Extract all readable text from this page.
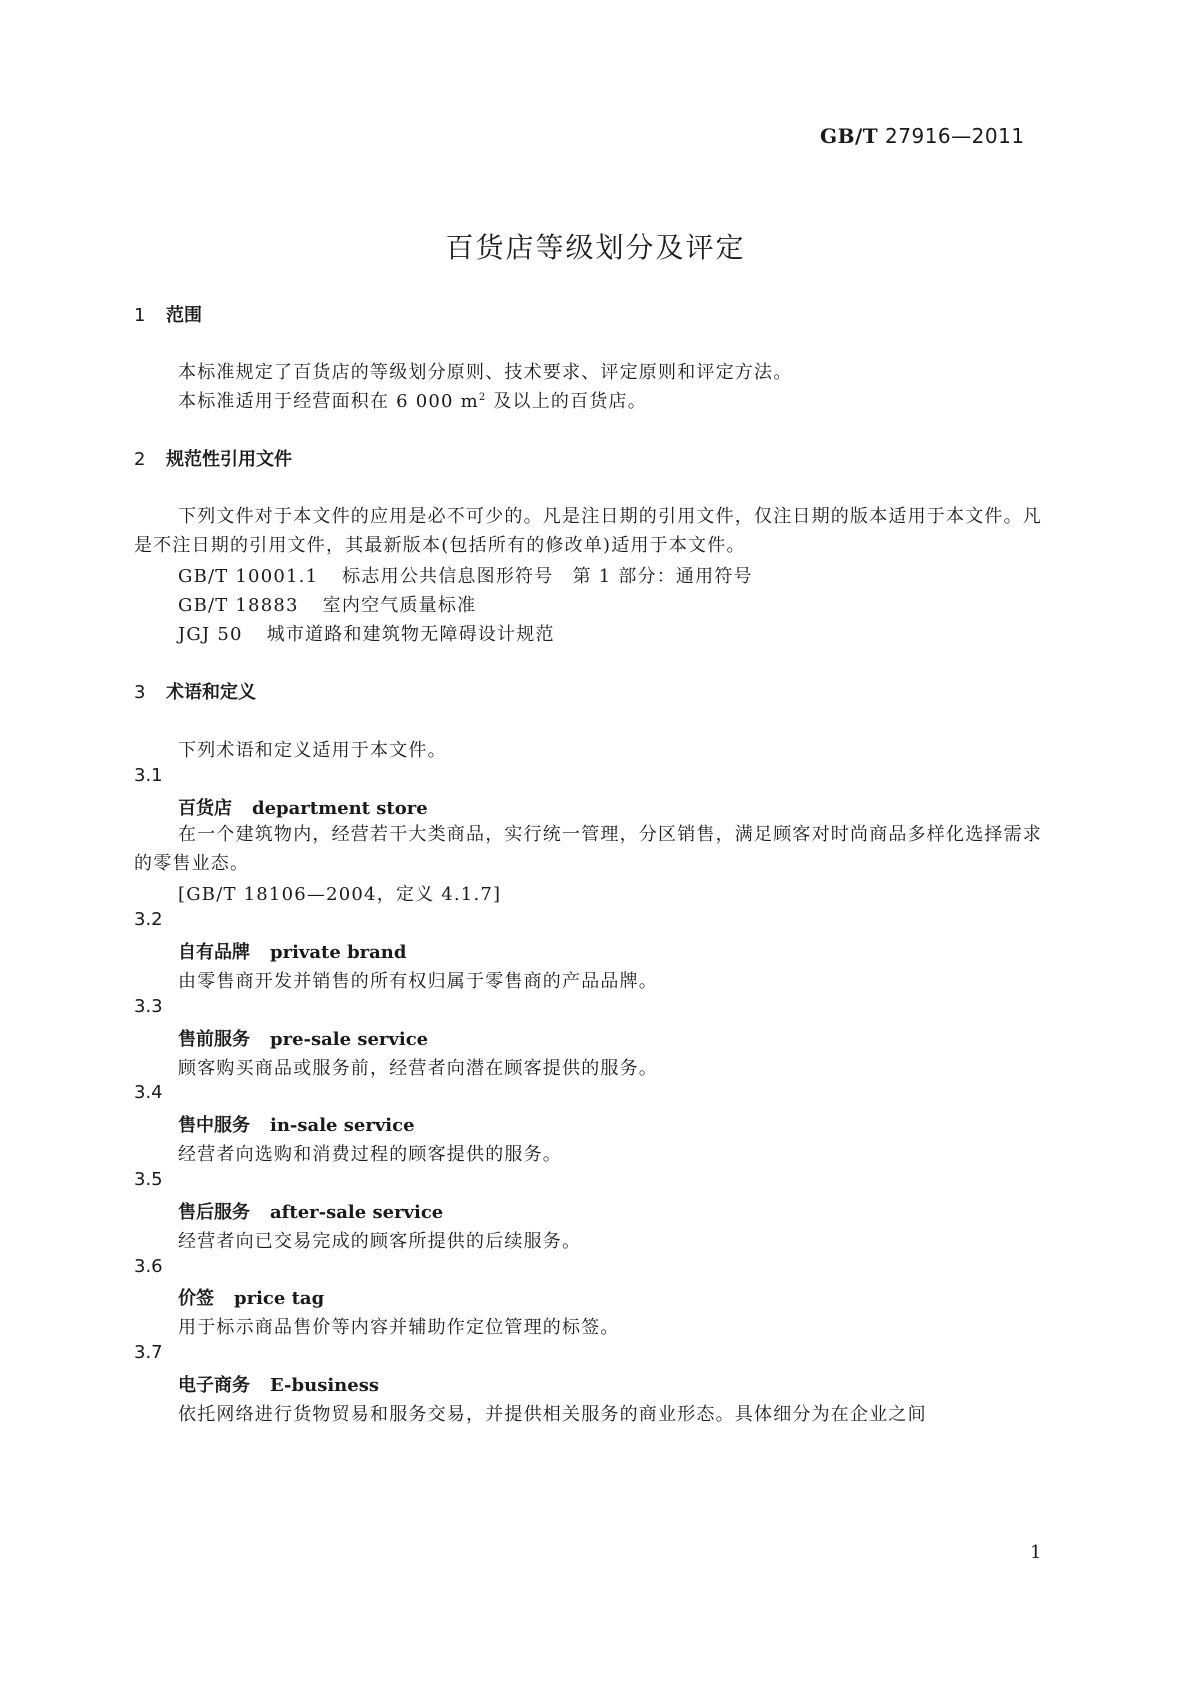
GB/T 27916—2011
百货店等级划分及评定
1 范围
本标准规定了百货店的等级划分原则、技术要求、评定原则和评定方法。
本标准适用于经营面积在 6 000 $m^2$ 及以上的百货店。
2 规范性引用文件
下列文件对于本文件的应用是必不可少的。凡是注日期的引用文件，仅注日期的版本适用于本文件。凡是不注日期的引用文件，其最新版本(包括所有的修改单)适用于本文件。
GB/T 10001.1 标志用公共信息图形符号　第 1 部分：通用符号
GB/T 18883 室内空气质量标准
JGJ 50 城市道路和建筑物无障碍设计规范
3 术语和定义
下列术语和定义适用于本文件。
3.1
百货店 department store
在一个建筑物内，经营若干大类商品，实行统一管理，分区销售，满足顾客对时尚商品多样化选择需求的零售业态。
[GB/T 18106—2004，定义 4.1.7]
3.2
自有品牌 private brand
由零售商开发并销售的所有权归属于零售商的产品品牌。
3.3
售前服务 pre-sale service
顾客购买商品或服务前，经营者向潜在顾客提供的服务。
3.4
售中服务 in-sale service
经营者向选购和消费过程的顾客提供的服务。
3.5
售后服务 after-sale service
经营者向已交易完成的顾客所提供的后续服务。
3.6
价签 price tag
用于标示商品售价等内容并辅助作定位管理的标签。
3.7
电子商务 E-business
依托网络进行货物贸易和服务交易，并提供相关服务的商业形态。具体细分为在企业之间
1
